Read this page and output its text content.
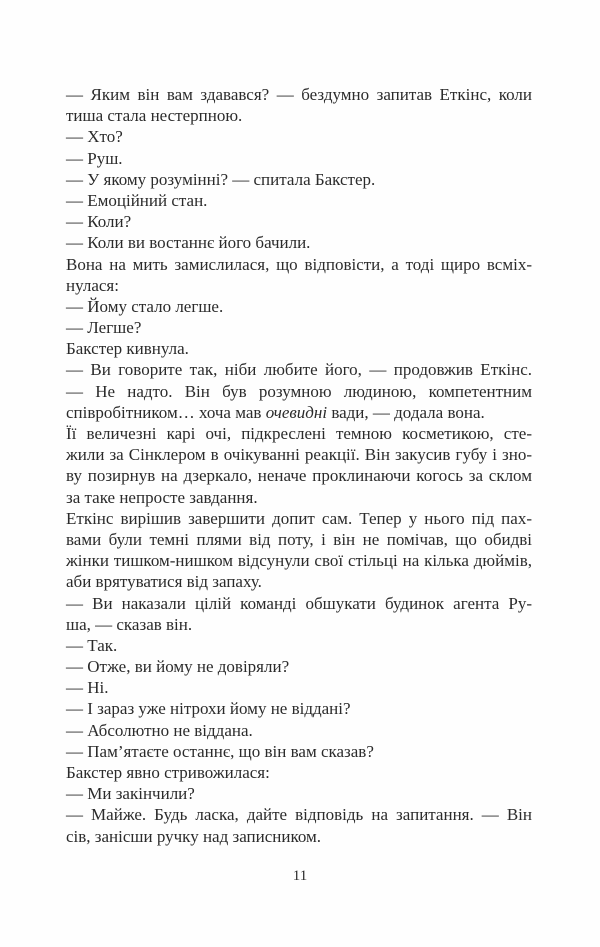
— Яким він вам здавався? — бездумно запитав Еткінс, коли
тиша стала нестерпною.
— Хто?
— Руш.
— У якому розумінні? — спитала Бакстер.
— Емоційний стан.
— Коли?
— Коли ви востаннє його бачили.
Вона на мить замислилася, що відповісти, а тоді щиро всміх-
нулася:
— Йому стало легше.
— Легше?
Бакстер кивнула.
— Ви говорите так, ніби любите його, — продовжив Еткінс.
— Не надто. Він був розумною людиною, компетентним
співробітником… хоча мав очевидні вади, — додала вона.
Її величезні карі очі, підкреслені темною косметикою, сте-
жили за Сінклером в очікуванні реакції. Він закусив губу і зно-
ву позирнув на дзеркало, неначе проклинаючи когось за склом
за таке непросте завдання.
Еткінс вирішив завершити допит сам. Тепер у нього під пах-
вами були темні плями від поту, і він не помічав, що обидві
жінки тишком-нишком відсунули свої стільці на кілька дюймів,
аби врятуватися від запаху.
— Ви наказали цілій команді обшукати будинок агента Ру-
ша, — сказав він.
— Так.
— Отже, ви йому не довіряли?
— Ні.
— І зараз уже нітрохи йому не віддані?
— Абсолютно не віддана.
— Пам’ятаєте останнє, що він вам сказав?
Бакстер явно стривожилася:
— Ми закінчили?
— Майже. Будь ласка, дайте відповідь на запитання. — Він
сів, занісши ручку над записником.
11
